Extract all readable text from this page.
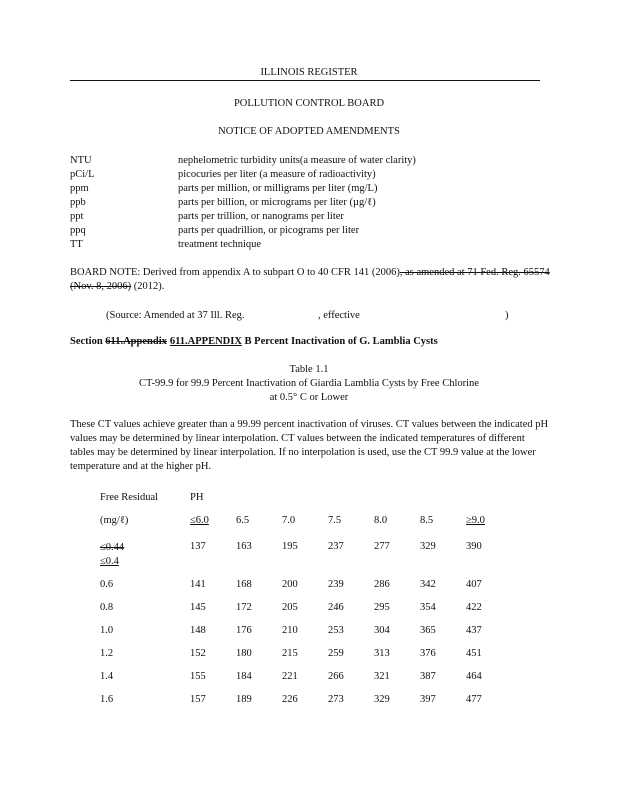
ILLINOIS REGISTER
POLLUTION CONTROL BOARD
NOTICE OF ADOPTED AMENDMENTS
NTU	nephelometric turbidity units(a measure of water clarity)
pCi/L	picocuries per liter (a measure of radioactivity)
ppm	parts per million, or milligrams per liter (mg/L)
ppb	parts per billion, or micrograms per liter (µg/ℓ)
ppt	parts per trillion, or nanograms per liter
ppq	parts per quadrillion, or picograms per liter
TT	treatment technique
BOARD NOTE: Derived from appendix A to subpart O to 40 CFR 141 (2006), as amended at 71 Fed. Reg. 65574 (Nov. 8, 2006) (2012).
(Source: Amended at 37 Ill. Reg.	, effective	)
Section 611.Appendix 611.APPENDIX B Percent Inactivation of G. Lamblia Cysts
Table 1.1
CT-99.9 for 99.9 Percent Inactivation of Giardia Lamblia Cysts by Free Chlorine
at 0.5° C or Lower
These CT values achieve greater than a 99.99 percent inactivation of viruses. CT values between the indicated pH values may be determined by linear interpolation. CT values between the indicated temperatures of different tables may be determined by linear interpolation. If no interpolation is used, use the CT 99.9 value at the lower temperature and at the higher pH.
Free Residual	PH						
(mg/ℓ)	≤6.0	6.5	7.0	7.5	8.0	8.5	≥9.0
≤0.44
≤0.4	137	163	195	237	277	329	390
0.6	141	168	200	239	286	342	407
0.8	145	172	205	246	295	354	422
1.0	148	176	210	253	304	365	437
1.2	152	180	215	259	313	376	451
1.4	155	184	221	266	321	387	464
1.6	157	189	226	273	329	397	477
